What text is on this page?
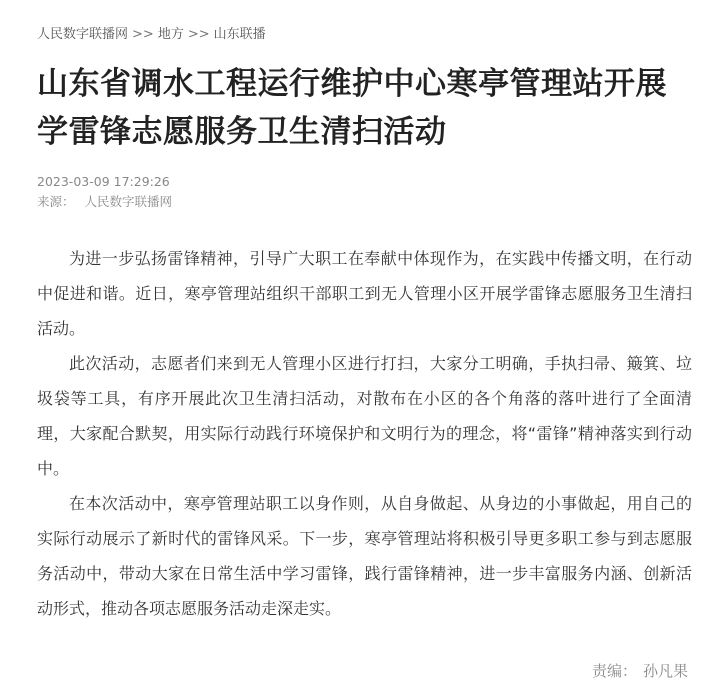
人民数字联播网 >> 地方 >> 山东联播
山东省调水工程运行维护中心寒亭管理站开展学雷锋志愿服务卫生清扫活动
2023-03-09 17:29:26
来源： 人民数字联播网

为进一步弘扬雷锋精神，引导广大职工在奉献中体现作为，在实践中传播文明，在行动中促进和谐。近日，寒亭管理站组织干部职工到无人管理小区开展学雷锋志愿服务卫生清扫活动。

此次活动，志愿者们来到无人管理小区进行打扫，大家分工明确，手执扫帚、簸箕、垃圾袋等工具，有序开展此次卫生清扫活动，对散布在小区的各个角落的落叶进行了全面清理，大家配合默契，用实际行动践行环境保护和文明行为的理念，将“雷锋”精神落实到行动中。

在本次活动中，寒亭管理站职工以身作则，从自身做起、从身边的小事做起，用自己的实际行动展示了新时代的雷锋风采。下一步，寒亭管理站将积极引导更多职工参与到志愿服务活动中，带动大家在日常生活中学习雷锋，践行雷锋精神，进一步丰富服务内涵、创新活动形式，推动各项志愿服务活动走深走实。

责编： 孙凡果
